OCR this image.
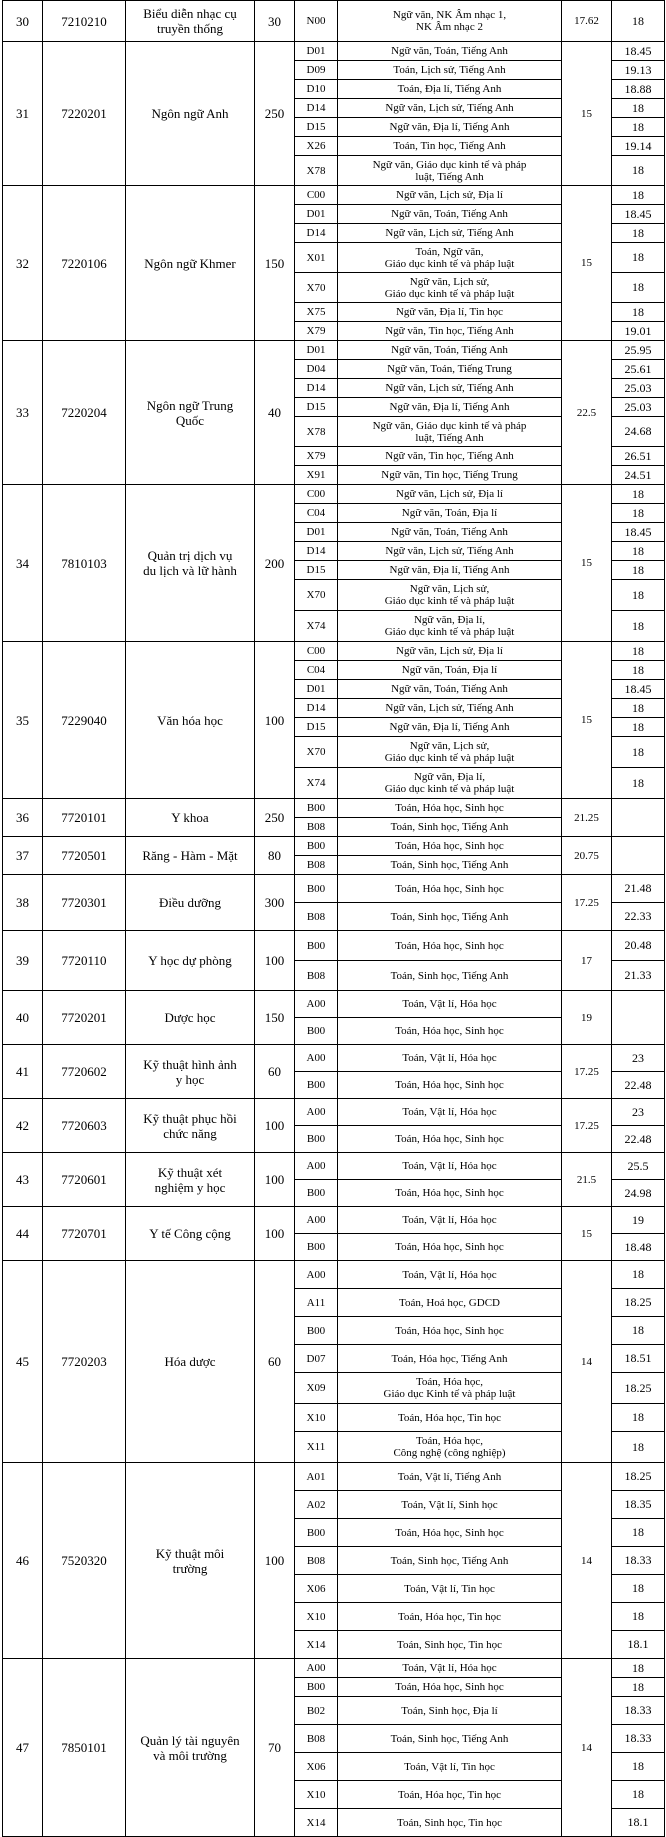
30	7210210	Biểu diễn nhạc cụ
truyền thống	30	N00	Ngữ văn, NK Âm nhạc 1,
NK Âm nhạc 2	17.62	18
31	7220201	Ngôn ngữ Anh	250	D01	Ngữ văn, Toán, Tiếng Anh	15	18.45
				D09	Toán, Lịch sử, Tiếng Anh		19.13
				D10	Toán, Địa lí, Tiếng Anh		18.88
				D14	Ngữ văn, Lịch sử, Tiếng Anh		18
				D15	Ngữ văn, Địa lí, Tiếng Anh		18
				X26	Toán, Tin học, Tiếng Anh		19.14
				X78	Ngữ văn, Giáo dục kinh tế và pháp
luật, Tiếng Anh		18
32	7220106	Ngôn ngữ Khmer	150	C00	Ngữ văn, Lịch sử, Địa lí	15	18
				D01	Ngữ văn, Toán, Tiếng Anh		18.45
				D14	Ngữ văn, Lịch sử, Tiếng Anh		18
				X01	Toán, Ngữ văn,
Giáo dục kinh tế và pháp luật		18
				X70	Ngữ văn, Lịch sử,
Giáo dục kinh tế và pháp luật		18
				X75	Ngữ văn, Địa lí, Tin học		18
				X79	Ngữ văn, Tin học, Tiếng Anh		19.01
33	7220204	Ngôn ngữ Trung
Quốc	40	D01	Ngữ văn, Toán, Tiếng Anh	22.5	25.95
				D04	Ngữ văn, Toán, Tiếng Trung		25.61
				D14	Ngữ văn, Lịch sử, Tiếng Anh		25.03
				D15	Ngữ văn, Địa lí, Tiếng Anh		25.03
				X78	Ngữ văn, Giáo dục kinh tế và pháp
luật, Tiếng Anh		24.68
				X79	Ngữ văn, Tin học, Tiếng Anh		26.51
				X91	Ngữ văn, Tin học, Tiếng Trung		24.51
34	7810103	Quản trị dịch vụ
du lịch và lữ hành	200	C00	Ngữ văn, Lịch sử, Địa lí	15	18
				C04	Ngữ văn, Toán, Địa lí		18
				D01	Ngữ văn, Toán, Tiếng Anh		18.45
				D14	Ngữ văn, Lịch sử, Tiếng Anh		18
				D15	Ngữ văn, Địa lí, Tiếng Anh		18
				X70	Ngữ văn, Lịch sử,
Giáo dục kinh tế và pháp luật		18
				X74	Ngữ văn, Địa lí,
Giáo dục kinh tế và pháp luật		18
35	7229040	Văn hóa học	100	C00	Ngữ văn, Lịch sử, Địa lí	15	18
				C04	Ngữ văn, Toán, Địa lí		18
				D01	Ngữ văn, Toán, Tiếng Anh		18.45
				D14	Ngữ văn, Lịch sử, Tiếng Anh		18
				D15	Ngữ văn, Địa lí, Tiếng Anh		18
				X70	Ngữ văn, Lịch sử,
Giáo dục kinh tế và pháp luật		18
				X74	Ngữ văn, Địa lí,
Giáo dục kinh tế và pháp luật		18
36	7720101	Y khoa	250	B00	Toán, Hóa học, Sinh học	21.25	
				B08	Toán, Sinh học, Tiếng Anh		
37	7720501	Răng - Hàm - Mặt	80	B00	Toán, Hóa học, Sinh học	20.75	
				B08	Toán, Sinh học, Tiếng Anh		
38	7720301	Điều dưỡng	300	B00	Toán, Hóa học, Sinh học	17.25	21.48
				B08	Toán, Sinh học, Tiếng Anh		22.33
39	7720110	Y học dự phòng	100	B00	Toán, Hóa học, Sinh học	17	20.48
				B08	Toán, Sinh học, Tiếng Anh		21.33
40	7720201	Dược học	150	A00	Toán, Vật lí, Hóa học	19	
				B00	Toán, Hóa học, Sinh học		
41	7720602	Kỹ thuật hình ảnh
y học	60	A00	Toán, Vật lí, Hóa học	17.25	23
				B00	Toán, Hóa học, Sinh học		22.48
42	7720603	Kỹ thuật phục hồi
chức năng	100	A00	Toán, Vật lí, Hóa học	17.25	23
				B00	Toán, Hóa học, Sinh học		22.48
43	7720601	Kỹ thuật xét
nghiệm y học	100	A00	Toán, Vật lí, Hóa học	21.5	25.5
				B00	Toán, Hóa học, Sinh học		24.98
44	7720701	Y tế Công cộng	100	A00	Toán, Vật lí, Hóa học	15	19
				B00	Toán, Hóa học, Sinh học		18.48
45	7720203	Hóa dược	60	A00	Toán, Vật lí, Hóa học	14	18
				A11	Toán, Hoá học, GDCD		18.25
				B00	Toán, Hóa học, Sinh học		18
				D07	Toán, Hóa học, Tiếng Anh		18.51
				X09	Toán, Hóa học,
Giáo dục Kinh tế và pháp luật		18.25
				X10	Toán, Hóa học, Tin học		18
				X11	Toán, Hóa học,
Công nghệ (công nghiệp)		18
46	7520320	Kỹ thuật môi
trường	100	A01	Toán, Vật lí, Tiếng Anh	14	18.25
				A02	Toán, Vật lí, Sinh học		18.35
				B00	Toán, Hóa học, Sinh học		18
				B08	Toán, Sinh học, Tiếng Anh		18.33
				X06	Toán, Vật lí, Tin học		18
				X10	Toán, Hóa học, Tin học		18
				X14	Toán, Sinh học, Tin học		18.1
47	7850101	Quản lý tài nguyên
và môi trường	70	A00	Toán, Vật lí, Hóa học	14	18
				B00	Toán, Hóa học, Sinh học		18
				B02	Toán, Sinh học, Địa lí		18.33
				B08	Toán, Sinh học, Tiếng Anh		18.33
				X06	Toán, Vật lí, Tin học		18
				X10	Toán, Hóa học, Tin học		18
				X14	Toán, Sinh học, Tin học		18.1
